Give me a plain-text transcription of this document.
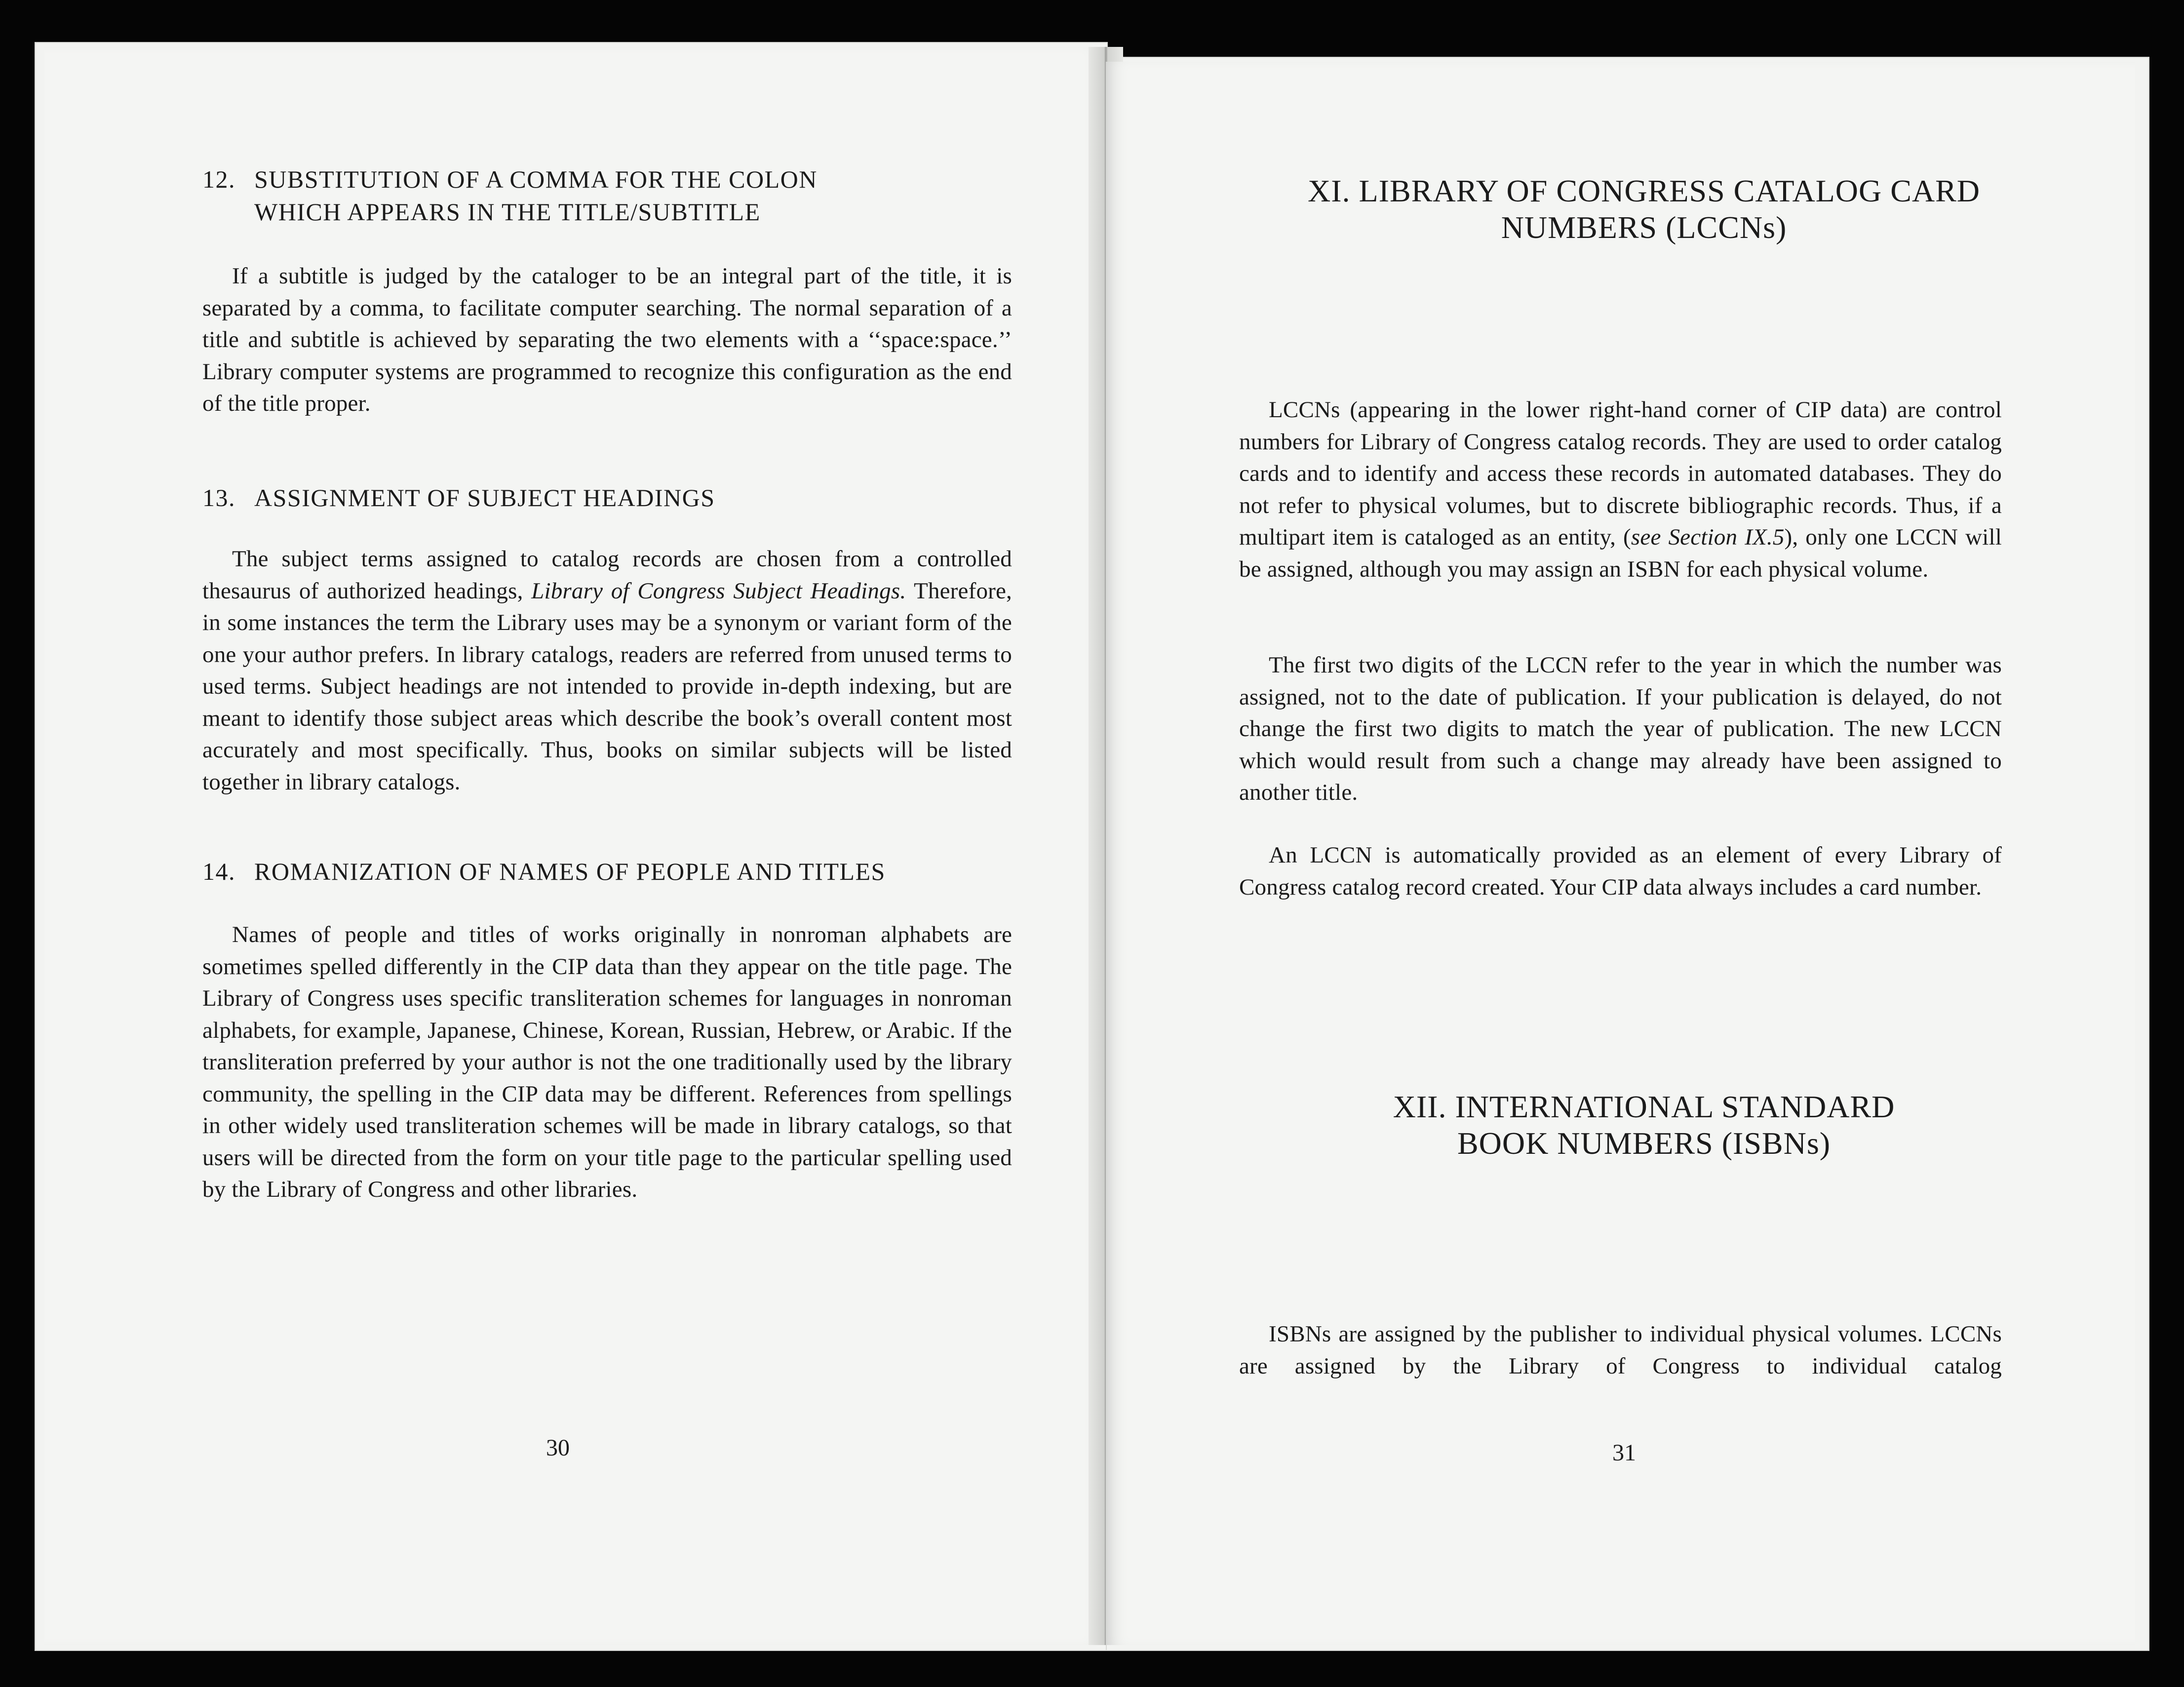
12. SUBSTITUTION OF A COMMA FOR THE COLON
WHICH APPEARS IN THE TITLE/SUBTITLE

If a subtitle is judged by the cataloger to be an integral part of the title, it is separated by a comma, to facilitate computer searching. The normal separation of a title and subtitle is achieved by separating the two elements with a ‘‘space:space.’’ Library computer systems are programmed to recognize this configuration as the end of the title proper.

13. ASSIGNMENT OF SUBJECT HEADINGS

The subject terms assigned to catalog records are chosen from a controlled thesaurus of authorized headings, Library of Congress Subject Headings. Therefore, in some instances the term the Library uses may be a synonym or variant form of the one your author prefers. In library catalogs, readers are referred from unused terms to used terms. Subject headings are not intended to provide in-depth indexing, but are meant to identify those subject areas which describe the book’s overall content most accurately and most specifically. Thus, books on similar subjects will be listed together in library catalogs.

14. ROMANIZATION OF NAMES OF PEOPLE AND TITLES

Names of people and titles of works originally in nonroman alphabets are sometimes spelled differently in the CIP data than they appear on the title page. The Library of Congress uses specific transliteration schemes for languages in nonroman alphabets, for example, Japanese, Chinese, Korean, Russian, Hebrew, or Arabic. If the transliteration preferred by your author is not the one traditionally used by the library community, the spelling in the CIP data may be different. References from spellings in other widely used transliteration schemes will be made in library catalogs, so that users will be directed from the form on your title page to the particular spelling used by the Library of Congress and other libraries.

30
XI. LIBRARY OF CONGRESS CATALOG CARD
NUMBERS (LCCNs)

LCCNs (appearing in the lower right-hand corner of CIP data) are control numbers for Library of Congress catalog records. They are used to order catalog cards and to identify and access these records in automated databases. They do not refer to physical volumes, but to discrete bibliographic records. Thus, if a multipart item is cataloged as an entity, (see Section IX.5), only one LCCN will be assigned, although you may assign an ISBN for each physical volume.

The first two digits of the LCCN refer to the year in which the number was assigned, not to the date of publication. If your publication is delayed, do not change the first two digits to match the year of publication. The new LCCN which would result from such a change may already have been assigned to another title.

An LCCN is automatically provided as an element of every Library of Congress catalog record created. Your CIP data always includes a card number.

XII. INTERNATIONAL STANDARD
BOOK NUMBERS (ISBNs)

ISBNs are assigned by the publisher to individual physical volumes. LCCNs are assigned by the Library of Congress to individual catalog

31
